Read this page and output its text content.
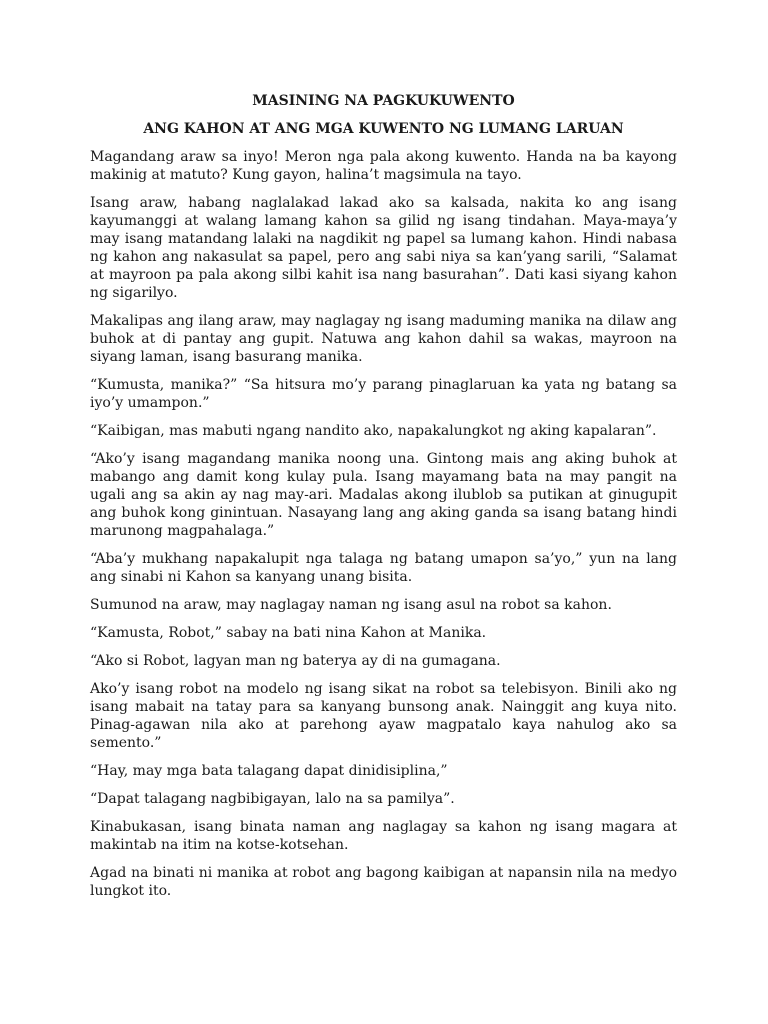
MASINING NA PAGKUKUWENTO
ANG KAHON AT ANG MGA KUWENTO NG LUMANG LARUAN

Magandang araw sa inyo! Meron nga pala akong kuwento. Handa na ba kayong makinig at matuto? Kung gayon, halina’t magsimula na tayo.

Isang araw, habang naglalakad lakad ako sa kalsada, nakita ko ang isang kayumanggi at walang lamang kahon sa gilid ng isang tindahan. Maya-maya’y may isang matandang lalaki na nagdikit ng papel sa lumang kahon. Hindi nabasa ng kahon ang nakasulat sa papel, pero ang sabi niya sa kan’yang sarili, “Salamat at mayroon pa pala akong silbi kahit isa nang basurahan”. Dati kasi siyang kahon ng sigarilyo.

Makalipas ang ilang araw, may naglagay ng isang maduming manika na dilaw ang buhok at di pantay ang gupit. Natuwa ang kahon dahil sa wakas, mayroon na siyang laman, isang basurang manika.

“Kumusta, manika?” “Sa hitsura mo’y parang pinaglaruan ka yata ng batang sa iyo’y umampon.”

“Kaibigan, mas mabuti ngang nandito ako, napakalungkot ng aking kapalaran”.

“Ako’y isang magandang manika noong una. Gintong mais ang aking buhok at mabango ang damit kong kulay pula. Isang mayamang bata na may pangit na ugali ang sa akin ay nag may-ari. Madalas akong ilublob sa putikan at ginugupit ang buhok kong ginintuan. Nasayang lang ang aking ganda sa isang batang hindi marunong magpahalaga.”

“Aba’y mukhang napakalupit nga talaga ng batang umapon sa’yo,” yun na lang ang sinabi ni Kahon sa kanyang unang bisita.

Sumunod na araw, may naglagay naman ng isang asul na robot sa kahon.

“Kamusta, Robot,” sabay na bati nina Kahon at Manika.

“Ako si Robot, lagyan man ng baterya ay di na gumagana.

Ako’y isang robot na modelo ng isang sikat na robot sa telebisyon. Binili ako ng isang mabait na tatay para sa kanyang bunsong anak. Nainggit ang kuya nito. Pinag-agawan nila ako at parehong ayaw magpatalo kaya nahulog ako sa semento.”

“Hay, may mga bata talagang dapat dinidisiplina,”

“Dapat talagang nagbibigayan, lalo na sa pamilya”.

Kinabukasan, isang binata naman ang naglagay sa kahon ng isang magara at makintab na itim na kotse-kotsehan.

Agad na binati ni manika at robot ang bagong kaibigan at napansin nila na medyo lungkot ito.
